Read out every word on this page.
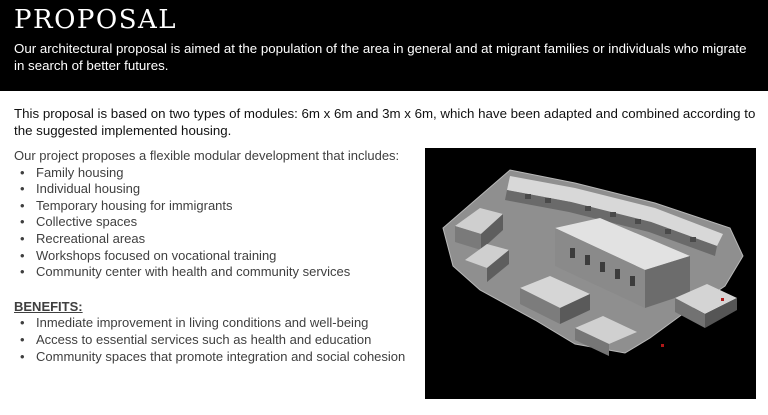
PROPOSAL

Our architectural proposal is aimed at the population of the area in general and at migrant families or individuals who migrate in search of better futures.

This proposal is based on two types of modules: 6m x 6m and 3m x 6m, which have been adapted and combined according to the suggested implemented housing.

Our project proposes a flexible modular development that includes:

• Family housing
• Individual housing
• Temporary housing for immigrants
• Collective spaces
• Recreational areas
• Workshops focused on vocational training
• Community center with health and community services

BENEFITS:

• Inmediate improvement in living conditions and well-being
• Access to essential services such as health and education
• Community spaces that promote integration and social cohesion
